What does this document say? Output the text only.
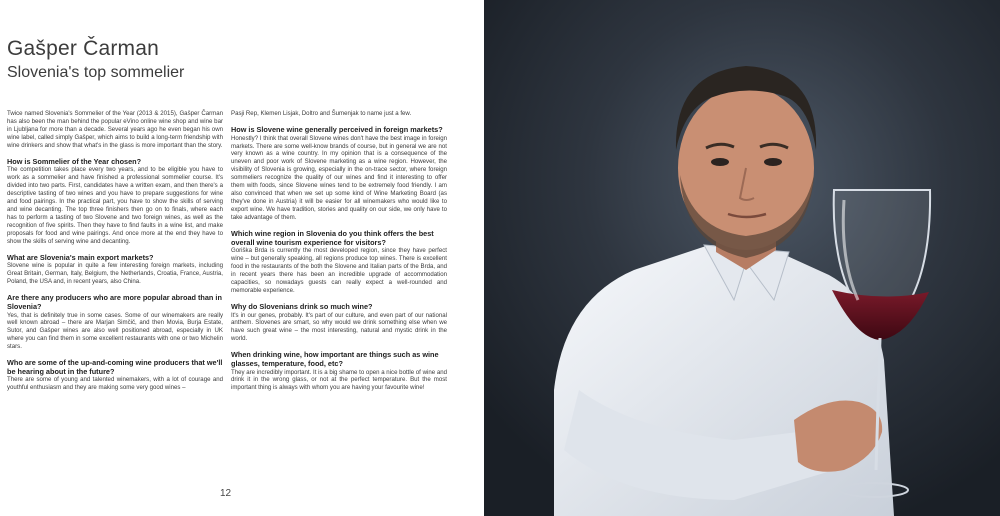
Gašper Čarman
Slovenia's top sommelier

Twice named Slovenia's Sommelier of the Year (2013 & 2015), Gašper Čarman has also been the man behind the popular eVino online wine shop and wine bar in Ljubljana for more than a decade. Several years ago he even began his own wine label, called simply Gašper, which aims to build a long-term friendship with wine drinkers and show that what's in the glass is more important than the story.

How is Sommelier of the Year chosen?

The competition takes place every two years, and to be eligible you have to work as a sommelier and have finished a professional sommelier course. It's divided into two parts. First, candidates have a written exam, and then there's a descriptive tasting of two wines and you have to prepare suggestions for wine and food pairings. In the practical part, you have to show the skills of serving and wine decanting. The top three finishers then go on to finals, where each has to perform a tasting of two Slovene and two foreign wines, as well as the recognition of five spirits. Then they have to find faults in a wine list, and make proposals for food and wine pairings. And once more at the end they have to show the skills of serving wine and decanting.

What are Slovenia's main export markets?

Slovene wine is popular in quite a few interesting foreign markets, including Great Britain, German, Italy, Belgium, the Netherlands, Croatia, France, Austria, Poland, the USA and, in recent years, also China.

Are there any producers who are more popular abroad than in Slovenia?

Yes, that is definitely true in some cases. Some of our winemakers are really well known abroad – there are Marjan Simčič, and then Movia, Burja Estate, Sutor, and Gašper wines are also well positioned abroad, especially in UK where you can find them in some excellent restaurants with one or two Michelin stars.

Who are some of the up-and-coming wine producers that we'll be hearing about in the future?

There are some of young and talented winemakers, with a lot of courage and youthful enthusiasm and they are making some very good wines –

Pasji Rep, Klemen Lisjak, Doltro and Šumenjak to name just a few.

How is Slovene wine generally perceived in foreign markets?

Honestly? I think that overall Slovene wines don't have the best image in foreign markets. There are some well-know brands of course, but in general we are not very known as a wine country. In my opinion that is a consequence of the uneven and poor work of Slovene marketing as a wine region. However, the visibility of Slovenia is growing, especially in the on-trace sector, where foreign sommeliers recognize the quality of our wines and find it interesting to offer them with foods, since Slovene wines tend to be extremely food friendly. I am also convinced that when we set up some kind of Wine Marketing Board (as they've done in Austria) it will be easier for all winemakers who would like to export wine. We have tradition, stories and quality on our side, we only have to take advantage of them.

Which wine region in Slovenia do you think offers the best overall wine tourism experience for visitors?

Goriška Brda is currently the most developed region, since they have perfect wine – but generally speaking, all regions produce top wines. There is excellent food in the restaurants of the both the Slovene and Italian parts of the Brda, and in recent years there has been an incredible upgrade of accommodation capacities, so nowadays guests can really expect a well-rounded and memorable experience.

Why do Slovenians drink so much wine?

It's in our genes, probably. It's part of our culture, and even part of our national anthem. Slovenes are smart, so why would we drink something else when we have such great wine – the most interesting, natural and mystic drink in the world.

When drinking wine, how important are things such as wine glasses, temperature, food, etc?

They are incredibly important. It is a big shame to open a nice bottle of wine and drink it in the wrong glass, or not at the perfect temperature. But the most important thing is always with whom you are having your favourite wine!

12
